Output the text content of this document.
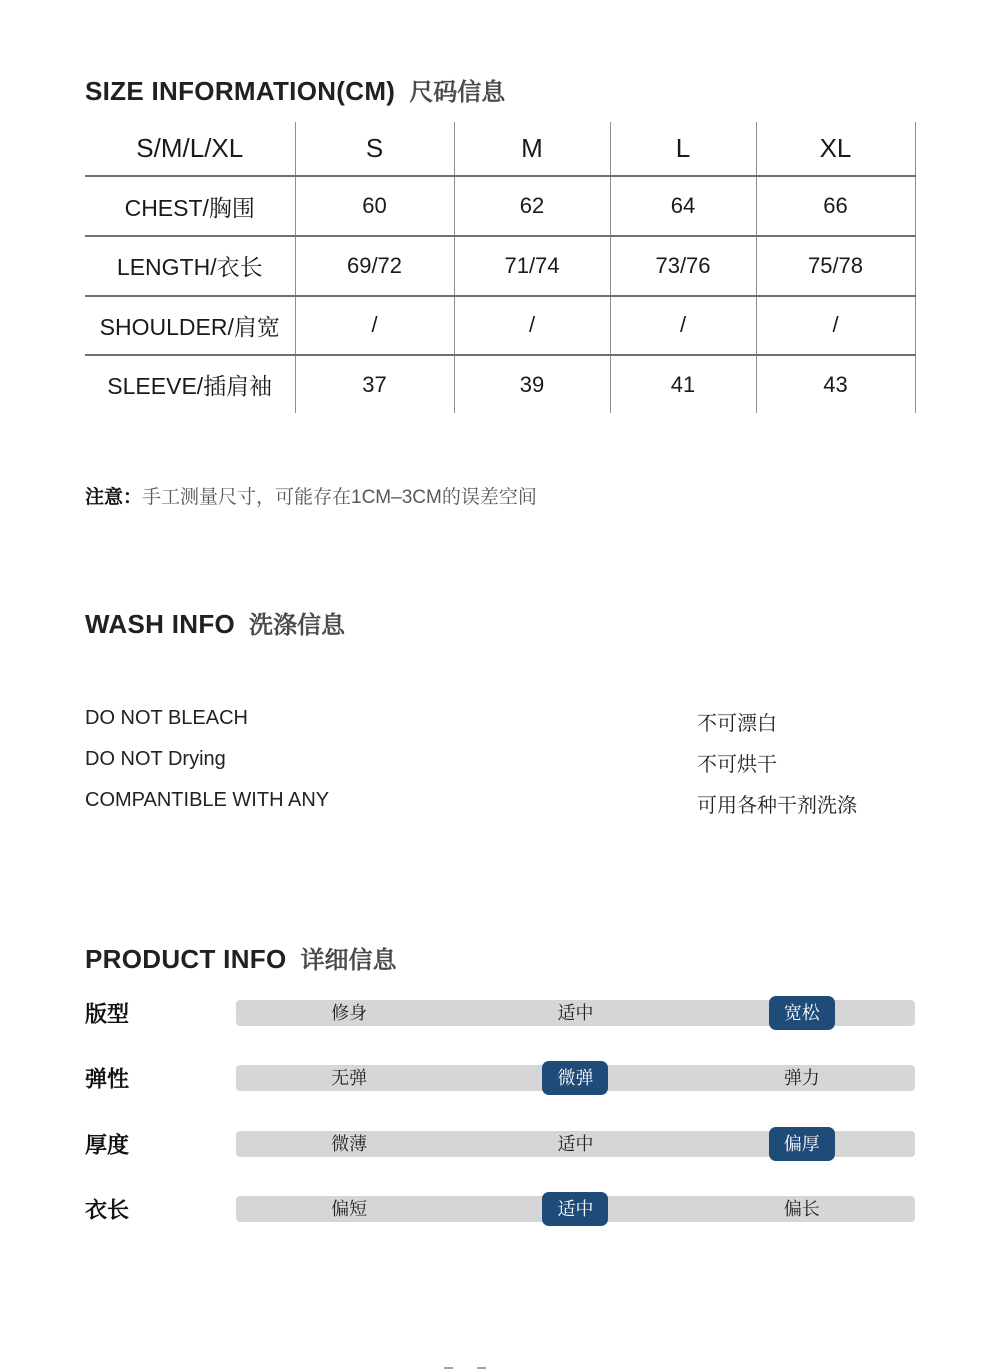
SIZE INFORMATION(CM) 尺码信息
S/M/L/XL	S	M	L	XL
CHEST/胸围	60	62	64	66
LENGTH/衣长	69/72	71/74	73/76	75/78
SHOULDER/肩宽	/	/	/	/
SLEEVE/插肩袖	37	39	41	43

注意：手工测量尺寸，可能存在1CM–3CM的误差空间

WASH INFO 洗涤信息
DO NOT BLEACH	不可漂白
DO NOT Drying	不可烘干
COMPANTIBLE WITH ANY	可用各种干剂洗涤
PRODUCT INFO 详细信息
版型	修身	适中	宽松
弹性	无弹	微弹	弹力
厚度	微薄	适中	偏厚
衣长	偏短	适中	偏长
